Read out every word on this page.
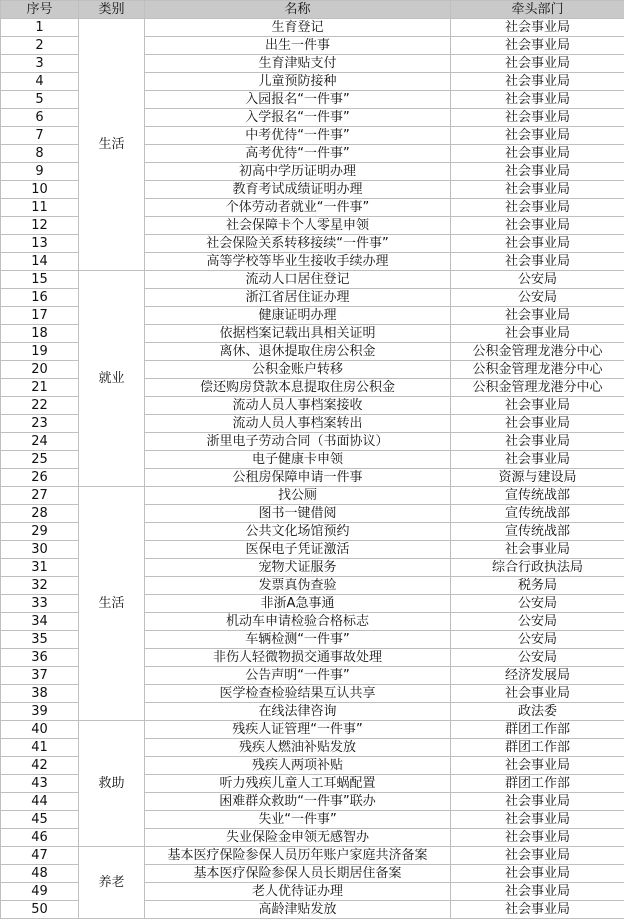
序号	类别	名称	牵头部门
1	生活	生育登记	社会事业局
2		出生一件事	社会事业局
3		生育津贴支付	社会事业局
4		儿童预防接种	社会事业局
5		入园报名“一件事”	社会事业局
6		入学报名“一件事”	社会事业局
7		中考优待“一件事”	社会事业局
8		高考优待“一件事”	社会事业局
9		初高中学历证明办理	社会事业局
10		教育考试成绩证明办理	社会事业局
11		个体劳动者就业“一件事”	社会事业局
12		社会保障卡个人零星申领	社会事业局
13		社会保险关系转移接续“一件事”	社会事业局
14		高等学校等毕业生接收手续办理	社会事业局
15	就业	流动人口居住登记	公安局
16		浙江省居住证办理	公安局
17		健康证明办理	社会事业局
18		依据档案记载出具相关证明	社会事业局
19		离休、退休提取住房公积金	公积金管理龙港分中心
20		公积金账户转移	公积金管理龙港分中心
21		偿还购房贷款本息提取住房公积金	公积金管理龙港分中心
22		流动人员人事档案接收	社会事业局
23		流动人员人事档案转出	社会事业局
24		浙里电子劳动合同（书面协议）	社会事业局
25		电子健康卡申领	社会事业局
26		公租房保障申请一件事	资源与建设局
27	生活	找公厕	宣传统战部
28		图书一键借阅	宣传统战部
29		公共文化场馆预约	宣传统战部
30		医保电子凭证激活	社会事业局
31		宠物犬证服务	综合行政执法局
32		发票真伪查验	税务局
33		非浙A急事通	公安局
34		机动车申请检验合格标志	公安局
35		车辆检测“一件事”	公安局
36		非伤人轻微物损交通事故处理	公安局
37		公告声明“一件事”	经济发展局
38		医学检查检验结果互认共享	社会事业局
39		在线法律咨询	政法委
40	救助	残疾人证管理“一件事”	群团工作部
41		残疾人燃油补贴发放	群团工作部
42		残疾人两项补贴	社会事业局
43		听力残疾儿童人工耳蜗配置	群团工作部
44		困难群众救助“一件事”联办	社会事业局
45		失业“一件事”	社会事业局
46		失业保险金申领无感智办	社会事业局
47	养老	基本医疗保险参保人员历年账户家庭共济备案	社会事业局
48		基本医疗保险参保人员长期居住备案	社会事业局
49		老人优待证办理	社会事业局
50		高龄津贴发放	社会事业局
